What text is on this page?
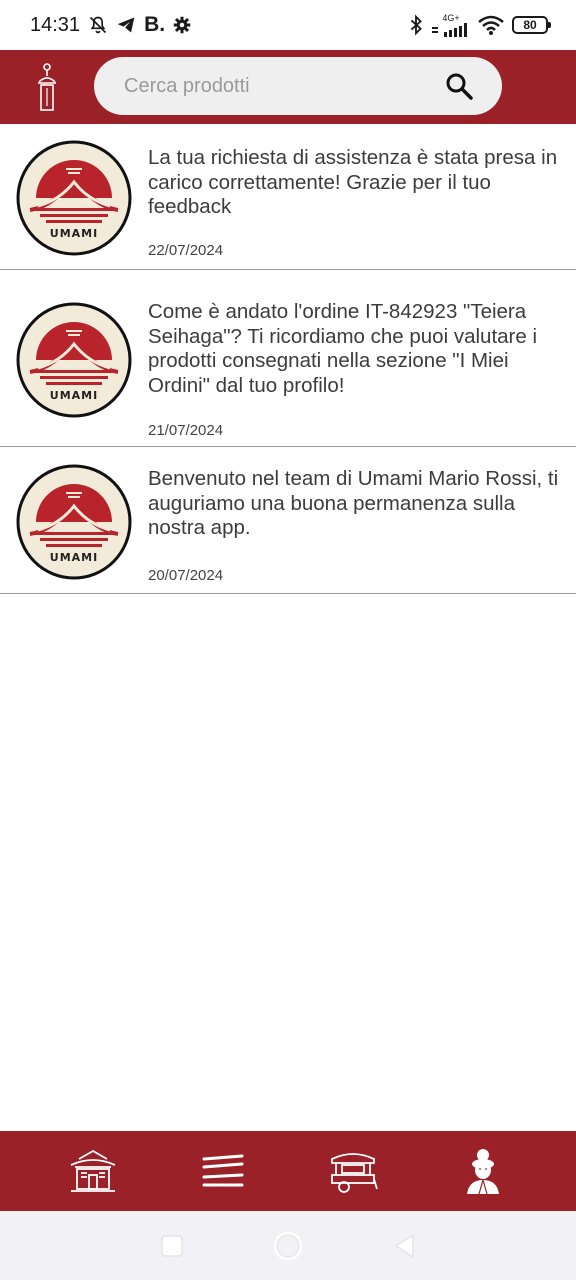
14:31	B.	4G+
80
Cerca prodotti
UMAMI
La tua richiesta di assistenza è stata presa in carico correttamente! Grazie per il tuo feedback
22/07/2024
UMAMI
Come è andato l'ordine IT-842923 "Teiera Seihaga"? Ti ricordiamo che puoi valutare i prodotti consegnati nella sezione "I Miei Ordini" dal tuo profilo!
21/07/2024
UMAMI
Benvenuto nel team di Umami Mario Rossi, ti auguriamo una buona permanenza sulla nostra app.
20/07/2024
